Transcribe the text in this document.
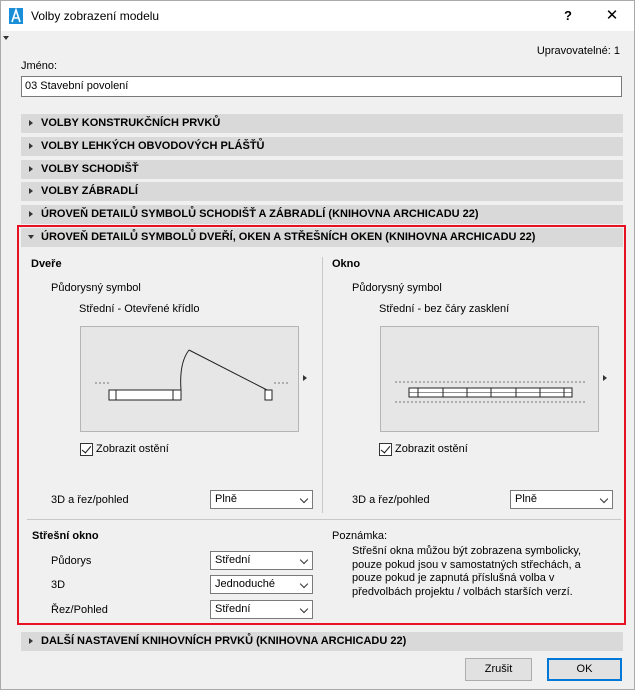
Volby zobrazení modelu	?	✕
Upravovatelné: 1
Jméno:
03 Stavební povolení
VOLBY KONSTRUKČNÍCH PRVKŮ
VOLBY LEHKÝCH OBVODOVÝCH PLÁŠŤŮ
VOLBY SCHODIŠŤ
VOLBY ZÁBRADLÍ
ÚROVEŇ DETAILŮ SYMBOLŮ SCHODIŠŤ A ZÁBRADLÍ (KNIHOVNA ARCHICADU 22)
ÚROVEŇ DETAILŮ SYMBOLŮ DVEŘÍ, OKEN A STŘEŠNÍCH OKEN (KNIHOVNA ARCHICADU 22)
Dveře
Půdorysný symbol
Střední - Otevřené křídlo
Zobrazit ostění
3D a řez/pohled	Plně
Okno
Půdorysný symbol
Střední - bez čáry zasklení
Zobrazit ostění
3D a řez/pohled	Plně
Střešní okno
Půdorys	Střední
3D	Jednoduché
Řez/Pohled	Střední
Poznámka:
Střešní okna můžou být zobrazena symbolicky, pouze pokud jsou v samostatných střechách, a pouze pokud je zapnutá příslušná volba v předvolbách projektu / volbách starších verzí.
DALŠÍ NASTAVENÍ KNIHOVNÍCH PRVKŮ (KNIHOVNA ARCHICADU 22)
Zrušit	OK
